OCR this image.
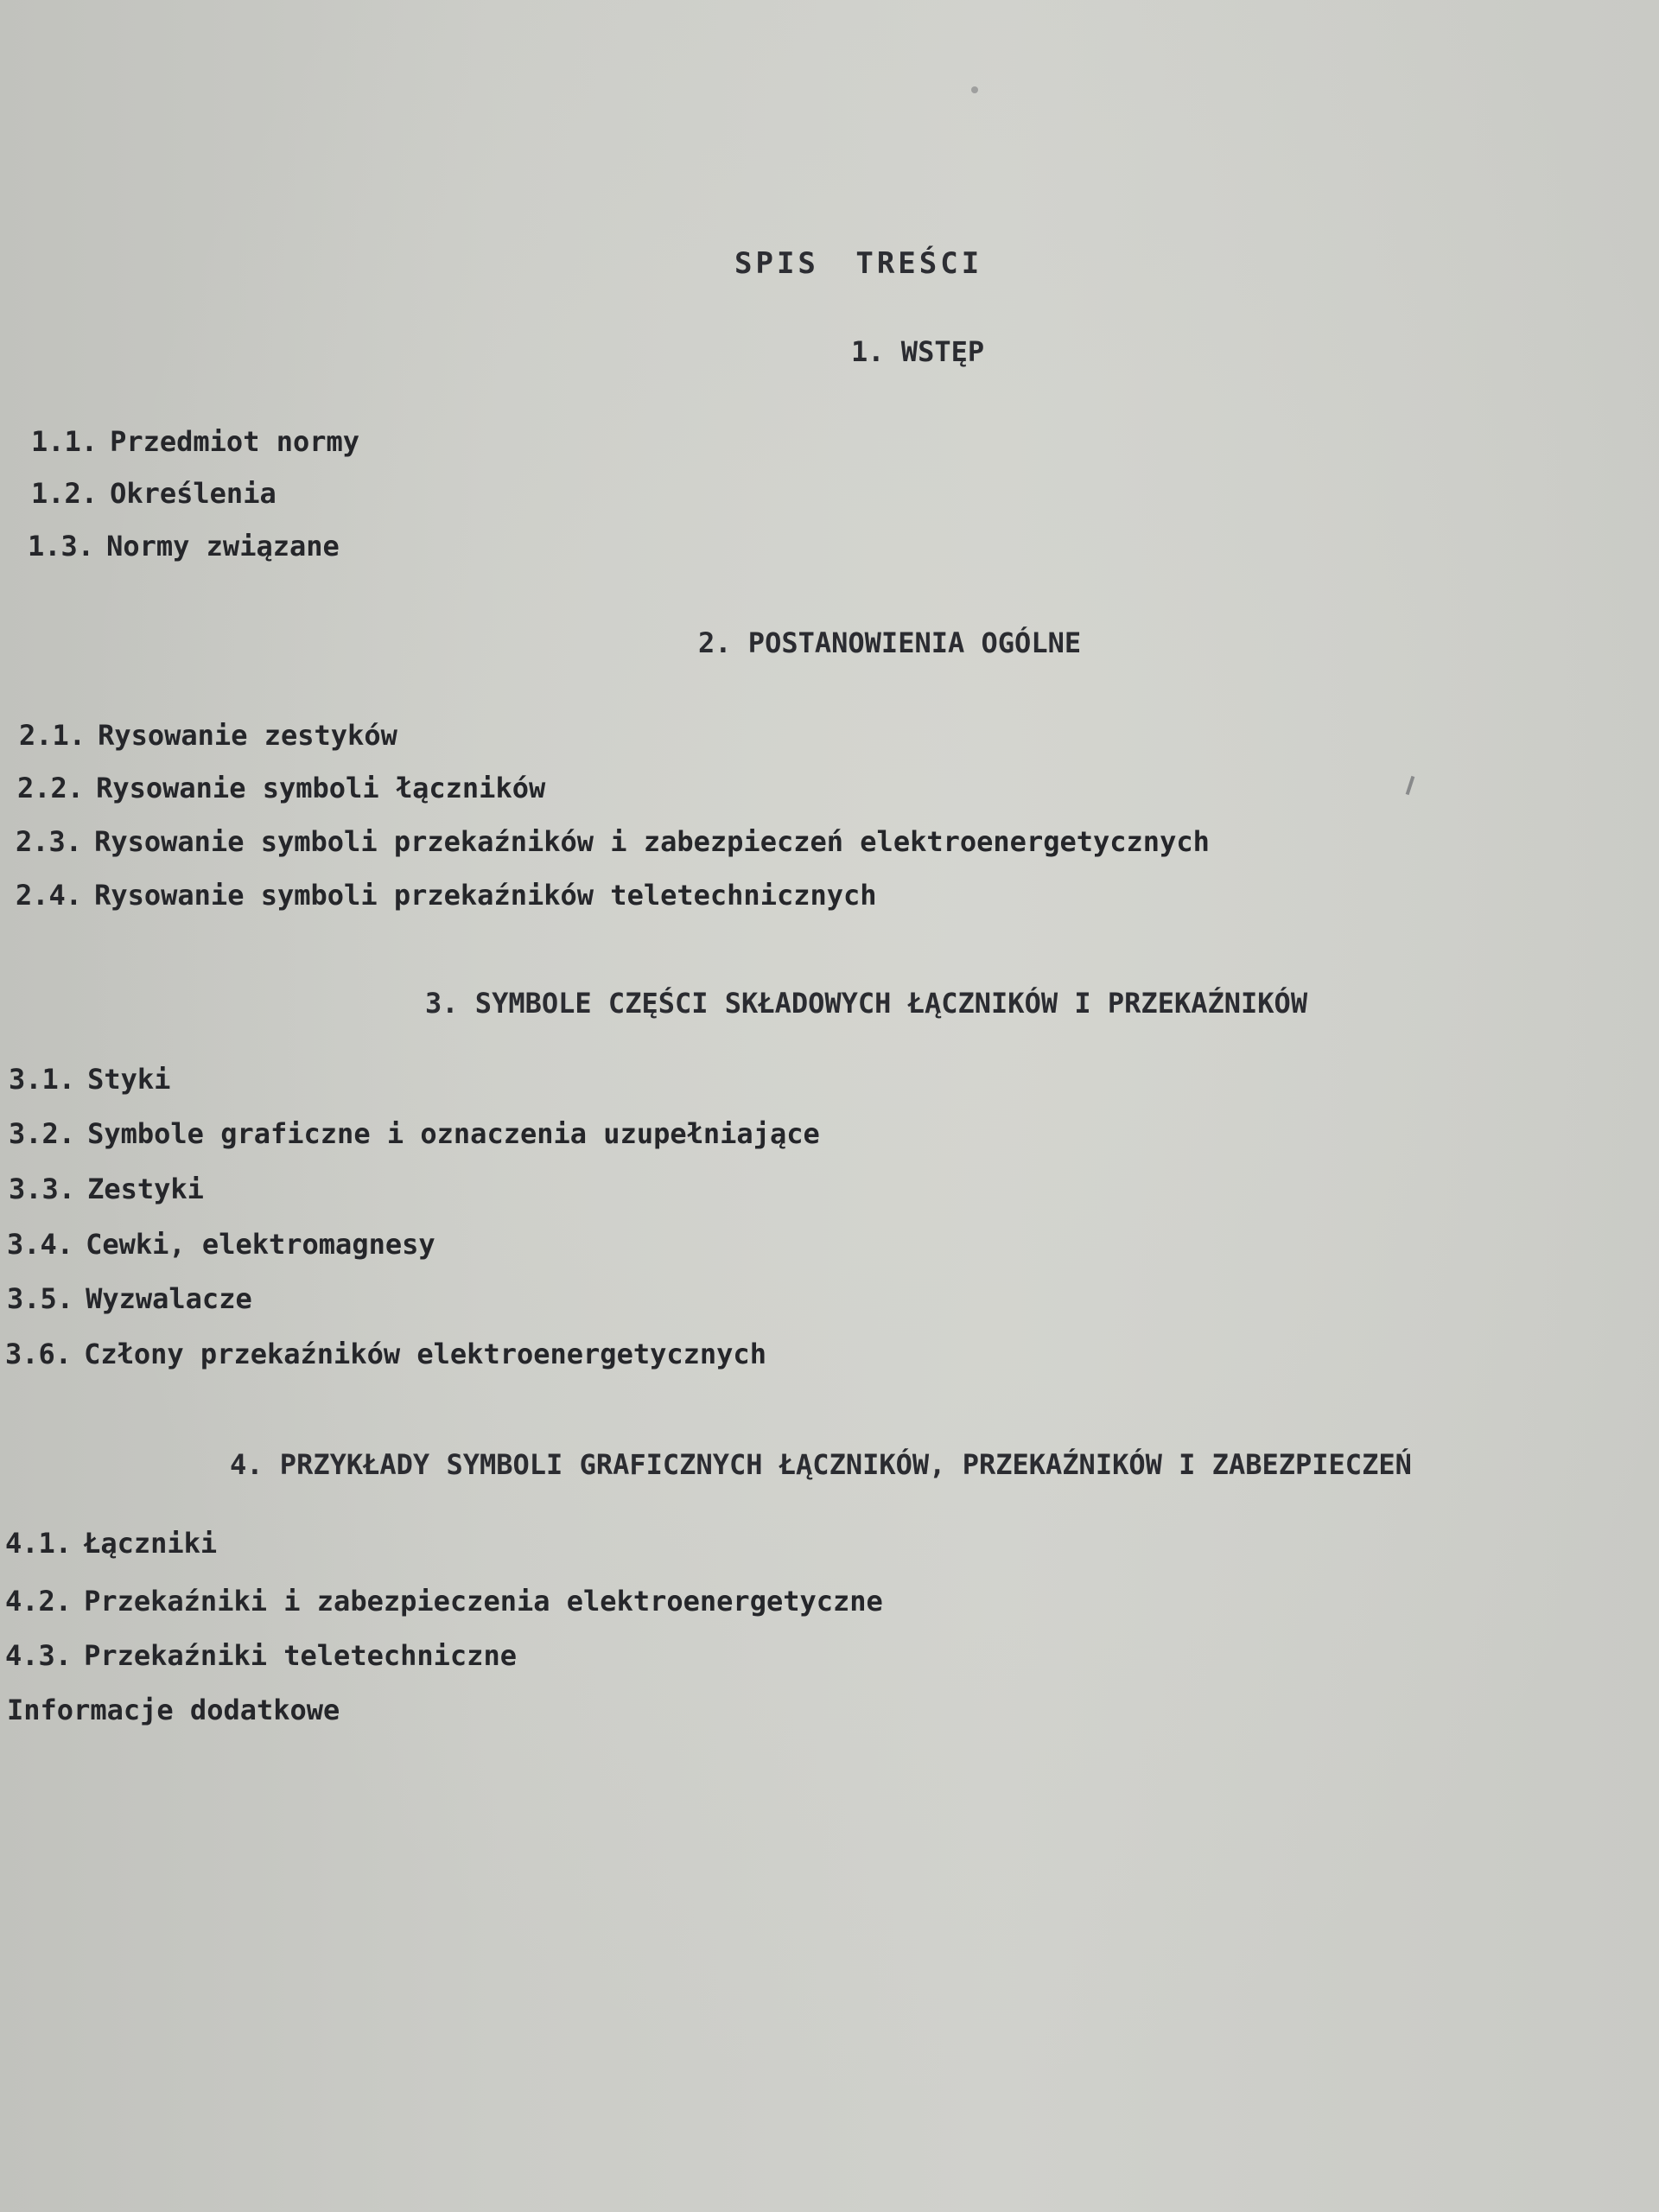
SPIS TREŚCI
1. WSTĘP

1.1. Przedmiot normy

1.2. Określenia

1.3. Normy związane

2. POSTANOWIENIA OGÓLNE

2.1. Rysowanie zestyków

2.2. Rysowanie symboli łączników

2.3. Rysowanie symboli przekaźników i zabezpieczeń elektroenergetycznych

2.4. Rysowanie symboli przekaźników teletechnicznych

3. SYMBOLE CZĘŚCI SKŁADOWYCH ŁĄCZNIKÓW I PRZEKAŹNIKÓW

3.1. Styki

3.2. Symbole graficzne i oznaczenia uzupełniające

3.3. Zestyki

3.4. Cewki, elektromagnesy

3.5. Wyzwalacze

3.6. Człony przekaźników elektroenergetycznych

4. PRZYKŁADY SYMBOLI GRAFICZNYCH ŁĄCZNIKÓW, PRZEKAŹNIKÓW I ZABEZPIECZEŃ

4.1. Łączniki

4.2. Przekaźniki i zabezpieczenia elektroenergetyczne

4.3. Przekaźniki teletechniczne

Informacje dodatkowe
